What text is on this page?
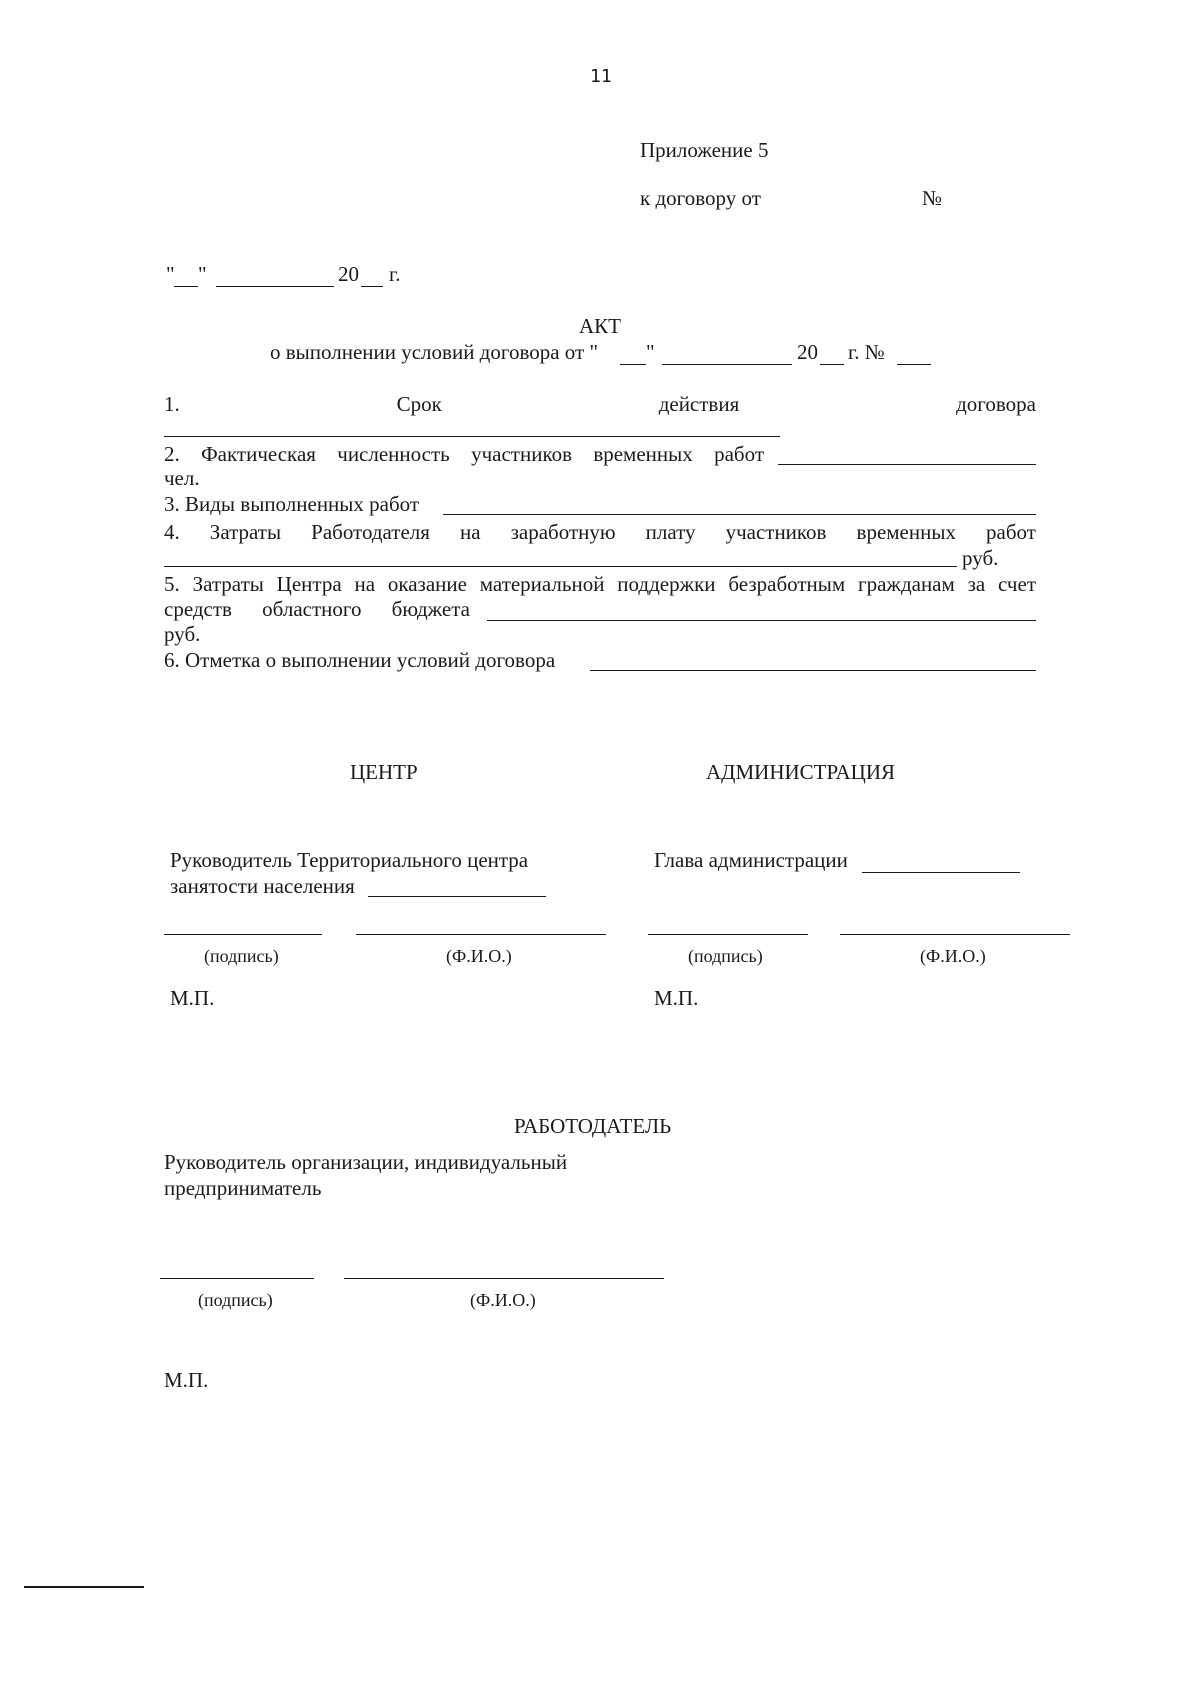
11
Приложение 5
к договору от	№
" "	20 г.
АКТ
о выполнении условий договора от " "	20 г. №
1.	Срок	действия	договора
2. Фактическая численность участников временных работ
чел.
3. Виды выполненных работ
4. Затраты Работодателя на заработную плату участников временных работ
руб.
5. Затраты Центра на оказание материальной поддержки безработным гражданам за счет
средств областного бюджета
руб.
6. Отметка о выполнении условий договора
ЦЕНТР
Руководитель Территориального центра
занятости населения
(подпись)	(Ф.И.О.)
М.П.
АДМИНИСТРАЦИЯ
Глава администрации
(подпись)	(Ф.И.О.)
М.П.
РАБОТОДАТЕЛЬ
Руководитель организации, индивидуальный
предприниматель
(подпись)	(Ф.И.О.)
М.П.
